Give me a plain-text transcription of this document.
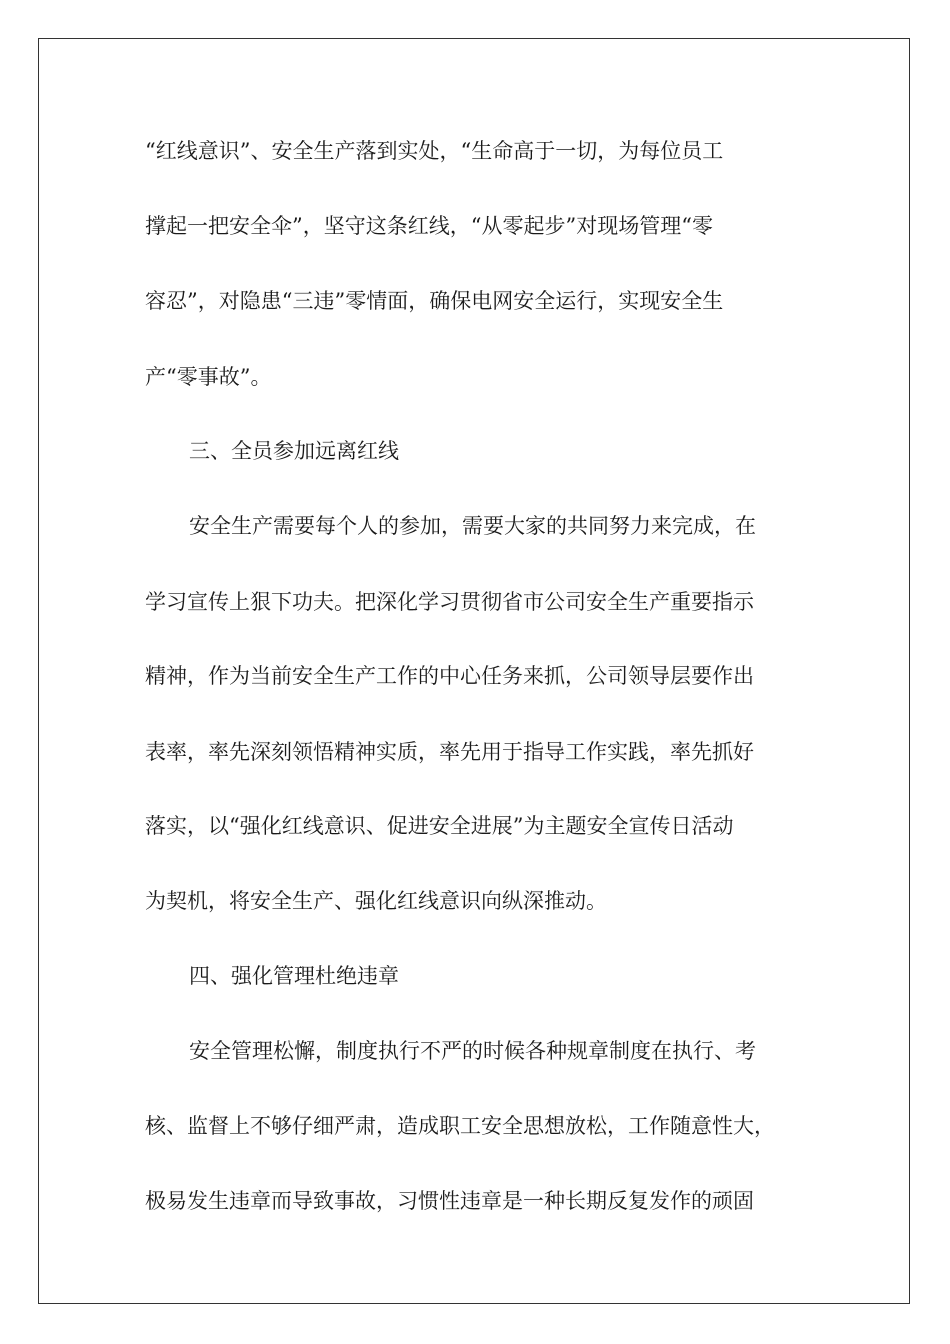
“红线意识”、安全生产落到实处，“生命高于一切，为每位员工
撑起一把安全伞”，坚守这条红线，“从零起步”对现场管理“零
容忍”，对隐患“三违”零情面，确保电网安全运行，实现安全生
产“零事故”。
三、全员参加远离红线
安全生产需要每个人的参加，需要大家的共同努力来完成，在
学习宣传上狠下功夫。把深化学习贯彻省市公司安全生产重要指示
精神，作为当前安全生产工作的中心任务来抓，公司领导层要作出
表率，率先深刻领悟精神实质，率先用于指导工作实践，率先抓好
落实，以“强化红线意识、促进安全进展”为主题安全宣传日活动
为契机，将安全生产、强化红线意识向纵深推动。
四、强化管理杜绝违章
安全管理松懈，制度执行不严的时候各种规章制度在执行、考
核、监督上不够仔细严肃，造成职工安全思想放松，工作随意性大，
极易发生违章而导致事故，习惯性违章是一种长期反复发作的顽固
